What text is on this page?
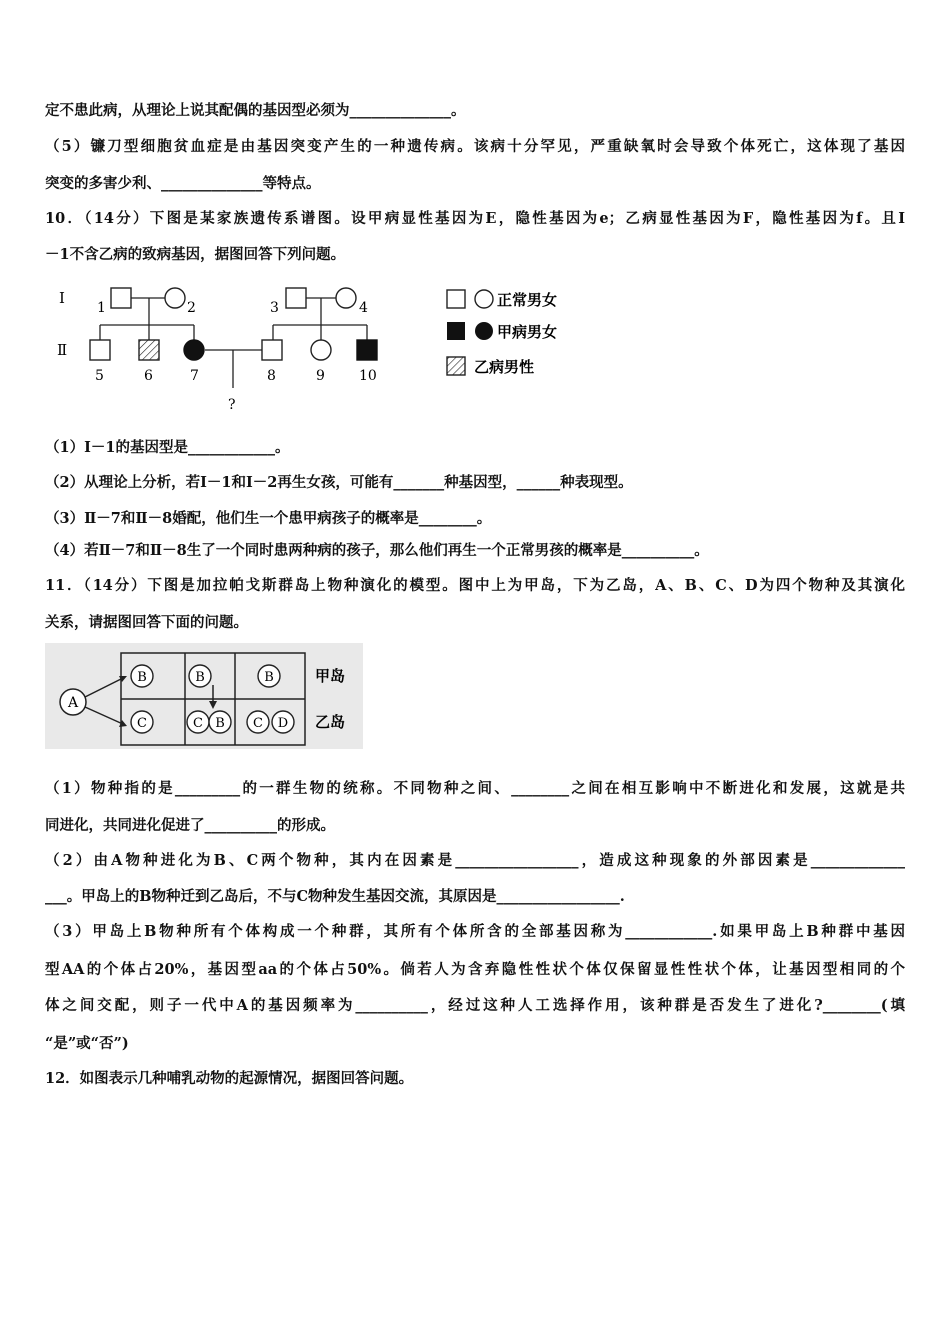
定不患此病，从理论上说其配偶的基因型必须为______________。
（5）镰刀型细胞贫血症是由基因突变产生的一种遗传病。该病十分罕见，严重缺氧时会导致个体死亡，这体现了基因
突变的多害少利、______________等特点。
10．（14分）下图是某家族遗传系谱图。设甲病显性基因为E，隐性基因为e；乙病显性基因为F，隐性基因为f。且Ⅰ
－1不含乙病的致病基因，据图回答下列问题。
Ⅰ
Ⅱ
1	2	3	4
5	6	7	8	9 10
?
正常男女
甲病男女
乙病男性
（1）Ⅰ－1的基因型是____________。
（2）从理论上分析，若Ⅰ－1和Ⅰ－2再生女孩，可能有_______种基因型，______种表现型。
（3）Ⅱ－7和Ⅱ－8婚配，他们生一个患甲病孩子的概率是________。
（4）若Ⅱ－7和Ⅱ－8生了一个同时患两种病的孩子，那么他们再生一个正常男孩的概率是__________。
11．（14分）下图是加拉帕戈斯群岛上物种演化的模型。图中上为甲岛，下为乙岛，A、B、C、D为四个物种及其演化
关系，请据图回答下面的问题。
A
B	B	B
C	C B C D
甲岛
乙岛
（1）物种指的是_________的一群生物的统称。不同物种之间、________之间在相互影响中不断进化和发展，这就是共
同进化，共同进化促进了__________的形成。
（2）由A物种进化为B、C两个物种，其内在因素是_________________，造成这种现象的外部因素是_____________
___。甲岛上的B物种迁到乙岛后，不与C物种发生基因交流，其原因是_________________.
（3）甲岛上B物种所有个体构成一个种群，其所有个体所含的全部基因称为____________.如果甲岛上B种群中基因
型AA的个体占20%，基因型aa的个体占50%。倘若人为含弃隐性性状个体仅保留显性性状个体，让基因型相同的个
体之间交配，则子一代中A的基因频率为__________，经过这种人工选择作用，该种群是否发生了进化?________(填
“是”或“否”)
12．如图表示几种哺乳动物的起源情况，据图回答问题。
